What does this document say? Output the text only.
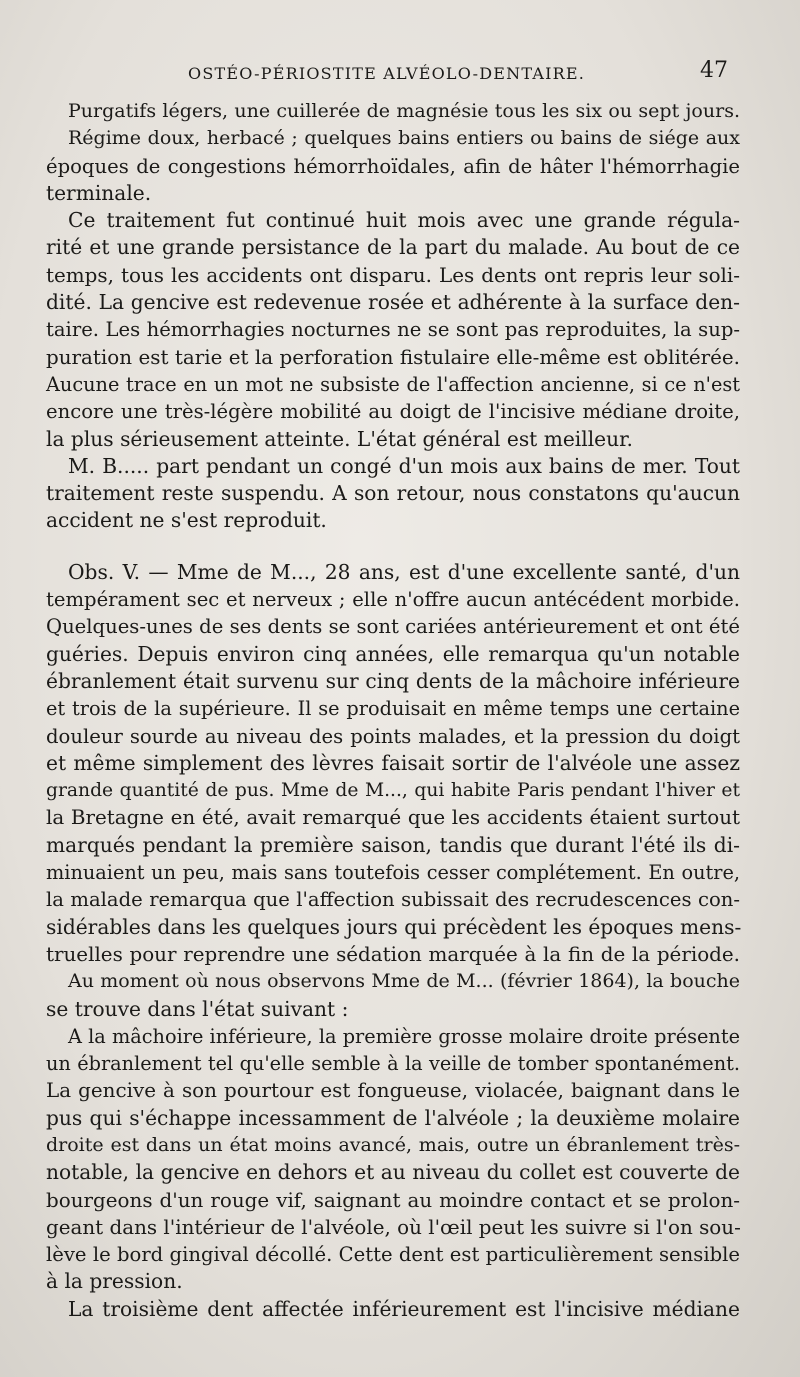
OSTÉO-PÉRIOSTITE ALVÉOLO-DENTAIRE.	47
Purgatifs légers, une cuillerée de magnésie tous les six ou sept jours.
Régime doux, herbacé ; quelques bains entiers ou bains de siége aux
époques de congestions hémorrhoïdales, afin de hâter l'hémorrhagie
terminale.
Ce traitement fut continué huit mois avec une grande régula-
rité et une grande persistance de la part du malade. Au bout de ce
temps, tous les accidents ont disparu. Les dents ont repris leur soli-
dité. La gencive est redevenue rosée et adhérente à la surface den-
taire. Les hémorrhagies nocturnes ne se sont pas reproduites, la sup-
puration est tarie et la perforation fistulaire elle-même est oblitérée.
Aucune trace en un mot ne subsiste de l'affection ancienne, si ce n'est
encore une très-légère mobilité au doigt de l'incisive médiane droite,
la plus sérieusement atteinte. L'état général est meilleur.
M. B..... part pendant un congé d'un mois aux bains de mer. Tout
traitement reste suspendu. A son retour, nous constatons qu'aucun
accident ne s'est reproduit.
Obs. V. — Mme de M..., 28 ans, est d'une excellente santé, d'un
tempérament sec et nerveux ; elle n'offre aucun antécédent morbide.
Quelques-unes de ses dents se sont cariées antérieurement et ont été
guéries. Depuis environ cinq années, elle remarqua qu'un notable
ébranlement était survenu sur cinq dents de la mâchoire inférieure
et trois de la supérieure. Il se produisait en même temps une certaine
douleur sourde au niveau des points malades, et la pression du doigt
et même simplement des lèvres faisait sortir de l'alvéole une assez
grande quantité de pus. Mme de M..., qui habite Paris pendant l'hiver et
la Bretagne en été, avait remarqué que les accidents étaient surtout
marqués pendant la première saison, tandis que durant l'été ils di-
minuaient un peu, mais sans toutefois cesser complétement. En outre,
la malade remarqua que l'affection subissait des recrudescences con-
sidérables dans les quelques jours qui précèdent les époques mens-
truelles pour reprendre une sédation marquée à la fin de la période.
Au moment où nous observons Mme de M... (février 1864), la bouche
se trouve dans l'état suivant :
A la mâchoire inférieure, la première grosse molaire droite présente
un ébranlement tel qu'elle semble à la veille de tomber spontanément.
La gencive à son pourtour est fongueuse, violacée, baignant dans le
pus qui s'échappe incessamment de l'alvéole ; la deuxième molaire
droite est dans un état moins avancé, mais, outre un ébranlement très-
notable, la gencive en dehors et au niveau du collet est couverte de
bourgeons d'un rouge vif, saignant au moindre contact et se prolon-
geant dans l'intérieur de l'alvéole, où l'œil peut les suivre si l'on sou-
lève le bord gingival décollé. Cette dent est particulièrement sensible
à la pression.
La troisième dent affectée inférieurement est l'incisive médiane
